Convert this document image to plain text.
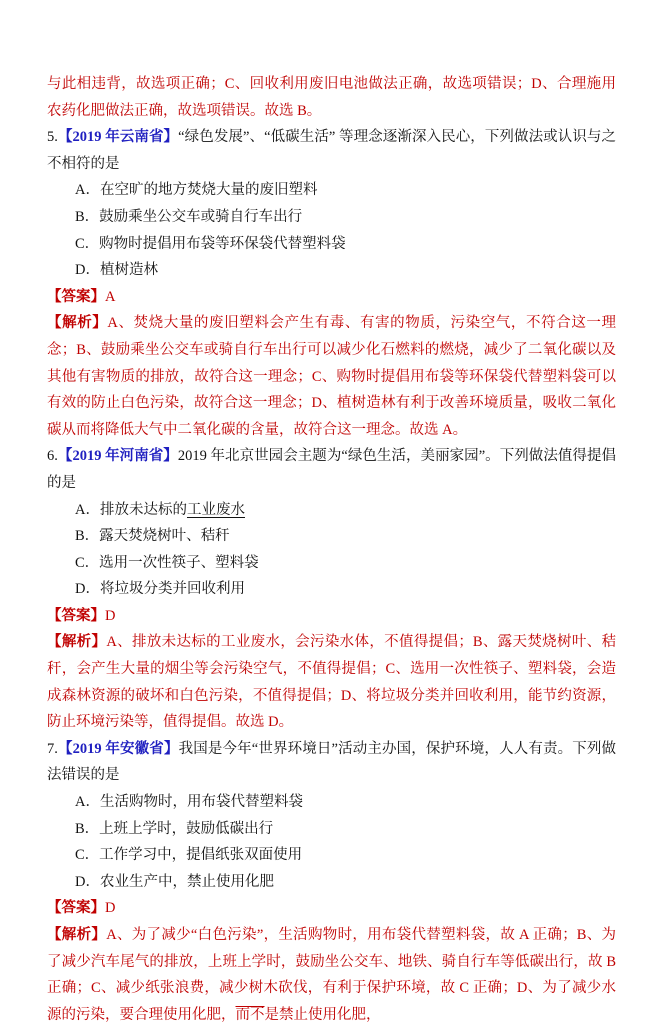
与此相违背，故选项正确；C、回收利用废旧电池做法正确，故选项错误；D、合理施用农药化肥做法正确，故选项错误。故选 B。

5.【2019 年云南省】“绿色发展”、“低碳生活” 等理念逐渐深入民心，下列做法或认识与之不相符的是

A．在空旷的地方焚烧大量的废旧塑料

B．鼓励乘坐公交车或骑自行车出行

C．购物时提倡用布袋等环保袋代替塑料袋

D．植树造林

【答案】A

【解析】A、焚烧大量的废旧塑料会产生有毒、有害的物质，污染空气，不符合这一理念；B、鼓励乘坐公交车或骑自行车出行可以减少化石燃料的燃烧，减少了二氧化碳以及其他有害物质的排放，故符合这一理念；C、购物时提倡用布袋等环保袋代替塑料袋可以有效的防止白色污染，故符合这一理念；D、植树造林有利于改善环境质量，吸收二氧化碳从而将降低大气中二氧化碳的含量，故符合这一理念。故选 A。

6.【2019 年河南省】2019 年北京世园会主题为“绿色生活，美丽家园”。下列做法值得提倡的是

A．排放未达标的工业废水

B．露天焚烧树叶、秸秆

C．选用一次性筷子、塑料袋

D．将垃圾分类并回收利用

【答案】D

【解析】A、排放未达标的工业废水，会污染水体，不值得提倡；B、露天焚烧树叶、秸秆，会产生大量的烟尘等会污染空气，不值得提倡；C、选用一次性筷子、塑料袋，会造成森林资源的破坏和白色污染，不值得提倡；D、将垃圾分类并回收利用，能节约资源，防止环境污染等，值得提倡。故选 D。

7.【2019 年安徽省】我国是今年“世界环境日”活动主办国，保护环境，人人有责。下列做法错误的是

A．生活购物时，用布袋代替塑料袋

B．上班上学时，鼓励低碳出行

C．工作学习中，提倡纸张双面使用

D．农业生产中，禁止使用化肥

【答案】D

【解析】A、为了减少“白色污染”，生活购物时，用布袋代替塑料袋，故 A 正确；B、为了减少汽车尾气的排放，上班上学时，鼓励坐公交车、地铁、骑自行车等低碳出行，故 B 正确；C、减少纸张浪费，减少树木砍伐，有利于保护环境，故 C 正确；D、为了减少水源的污染，要合理使用化肥，而不是禁止使用化肥，
